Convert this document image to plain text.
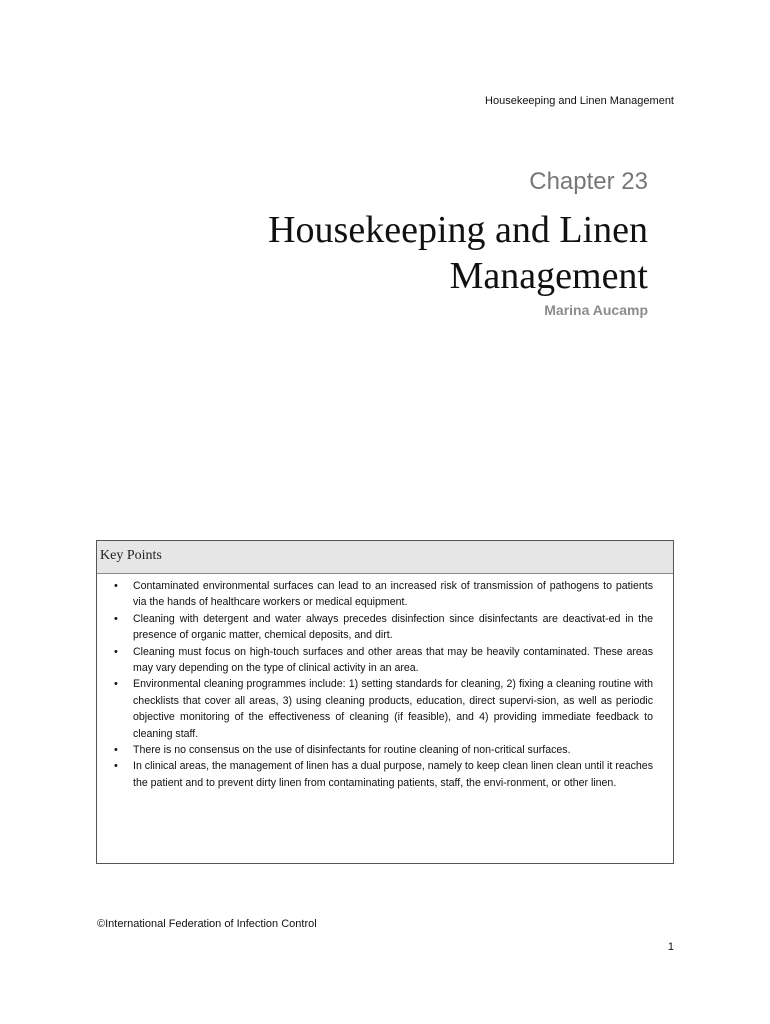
Housekeeping and Linen Management
Chapter 23
Housekeeping and Linen
Management
Marina Aucamp
Key Points
• Contaminated environmental surfaces can lead to an increased risk of transmission of pathogens to patients via the hands of healthcare workers or medical equipment.
• Cleaning with detergent and water always precedes disinfection since disinfectants are deactivat-ed in the presence of organic matter, chemical deposits, and dirt.
• Cleaning must focus on high-touch surfaces and other areas that may be heavily contaminated. These areas may vary depending on the type of clinical activity in an area.
• Environmental cleaning programmes include: 1) setting standards for cleaning, 2) fixing a cleaning routine with checklists that cover all areas, 3) using cleaning products, education, direct supervi-sion, as well as periodic objective monitoring of the effectiveness of cleaning (if feasible), and 4) providing immediate feedback to cleaning staff.
• There is no consensus on the use of disinfectants for routine cleaning of non-critical surfaces.
• In clinical areas, the management of linen has a dual purpose, namely to keep clean linen clean until it reaches the patient and to prevent dirty linen from contaminating patients, staff, the envi-ronment, or other linen.
©International Federation of Infection Control
1
